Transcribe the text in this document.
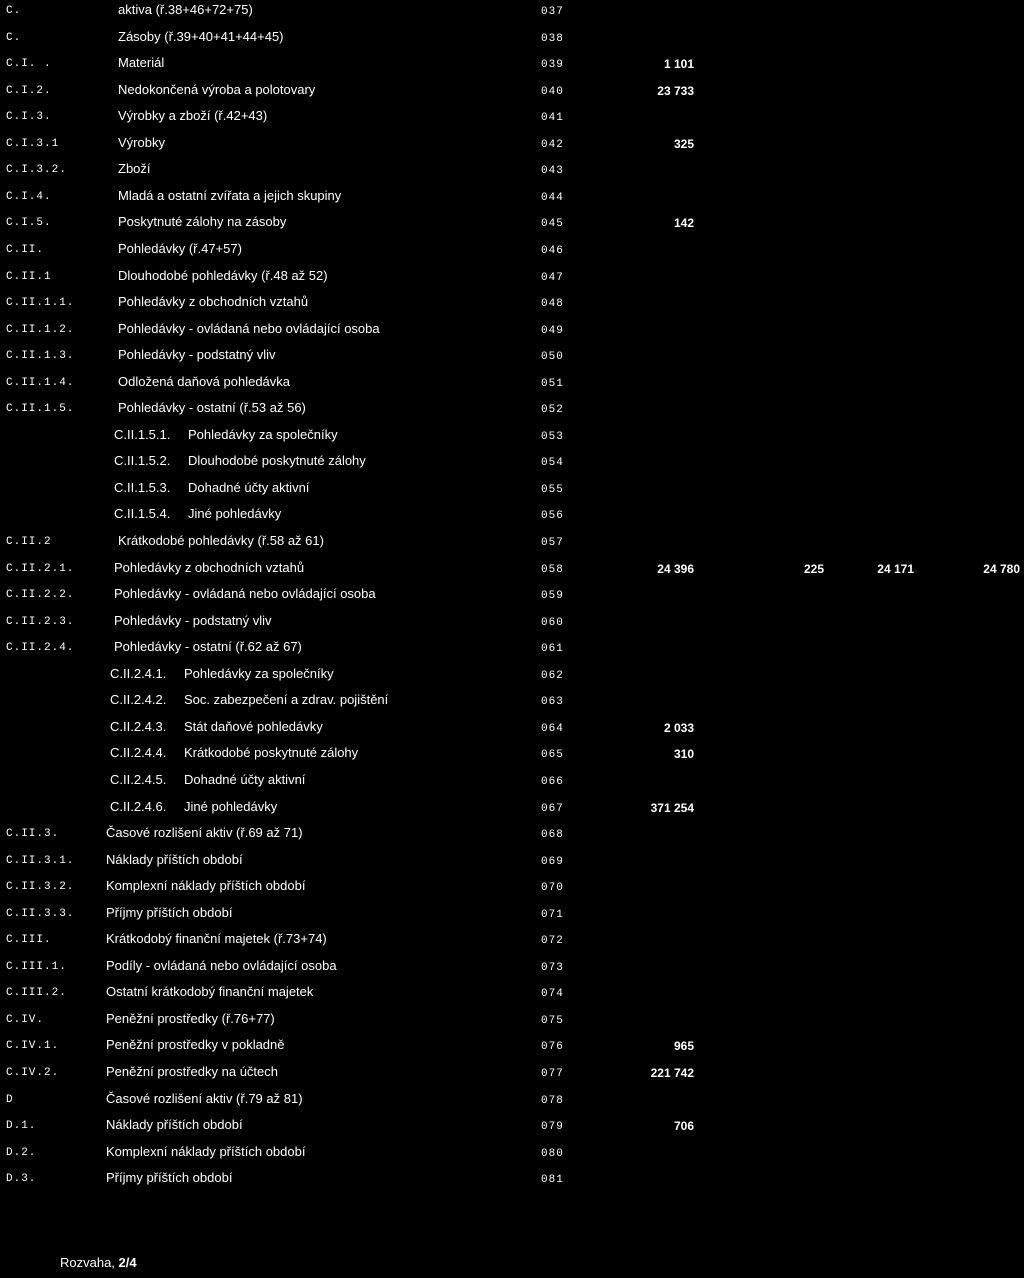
C.	aktiva (ř.38+46+72+75)	037
C.	Zásoby (ř.39+40+41+44+45)	038
C.I. .	Materiál	039	1 101
C.I.2.	Nedokončená výroba a polotovary	040	23 733
C.I.3.	Výrobky a zboží (ř.42+43)	041
C.I.3.1	Výrobky	042	325
C.I.3.2.	Zboží	043
C.I.4.	Mladá a ostatní zvířata a jejich skupiny	044
C.I.5.	Poskytnuté zálohy na zásoby	045	142
C.II.	Pohledávky (ř.47+57)	046
C.II.1	Dlouhodobé pohledávky (ř.48 až 52)	047
C.II.1.1.	Pohledávky z obchodních vztahů	048
C.II.1.2.	Pohledávky - ovládaná nebo ovládající osoba	049
C.II.1.3.	Pohledávky - podstatný vliv	050
C.II.1.4.	Odložená daňová pohledávka	051
C.II.1.5.	Pohledávky - ostatní (ř.53 až 56)	052
C.II.1.5.1. Pohledávky za společníky	053
C.II.1.5.2. Dlouhodobé poskytnuté zálohy	054
C.II.1.5.3. Dohadné účty aktivní	055
C.II.1.5.4. Jiné pohledávky	056
C.II.2	Krátkodobé pohledávky (ř.58 až 61)	057
C.II.2.1.	Pohledávky z obchodních vztahů	058	24 396	225	24 171	24 780
C.II.2.2.	Pohledávky - ovládaná nebo ovládající osoba	059
C.II.2.3.	Pohledávky - podstatný vliv	060
C.II.2.4.	Pohledávky - ostatní (ř.62 až 67)	061
C.II.2.4.1. Pohledávky za společníky	062
C.II.2.4.2. Soc. zabezpečení a zdrav. pojištění	063
C.II.2.4.3. Stát daňové pohledávky	064	2 033
C.II.2.4.4. Krátkodobé poskytnuté zálohy	065	310
C.II.2.4.5. Dohadné účty aktivní	066
C.II.2.4.6. Jiné pohledávky	067	371 254
C.II.3.	Časové rozlišení aktiv (ř.69 až 71)	068
C.II.3.1. Náklady příštích období	069
C.II.3.2. Komplexní náklady příštích období	070
C.II.3.3. Příjmy příštích období	071
C.III.	Krátkodobý finanční majetek (ř.73+74)	072
C.III.1.	Podíly - ovládaná nebo ovládající osoba	073
C.III.2.	Ostatní krátkodobý finanční majetek	074
C.IV.	Peněžní prostředky (ř.76+77)	075
C.IV.1.	Peněžní prostředky v pokladně	076	965
C.IV.2.	Peněžní prostředky na účtech	077	221 742
D	Časové rozlišení aktiv (ř.79 až 81)	078
D.1.	Náklady příštích období	079	706
D.2.	Komplexní náklady příštích období	080
D.3.	Příjmy příštích období	081
Rozvaha, 2/4
